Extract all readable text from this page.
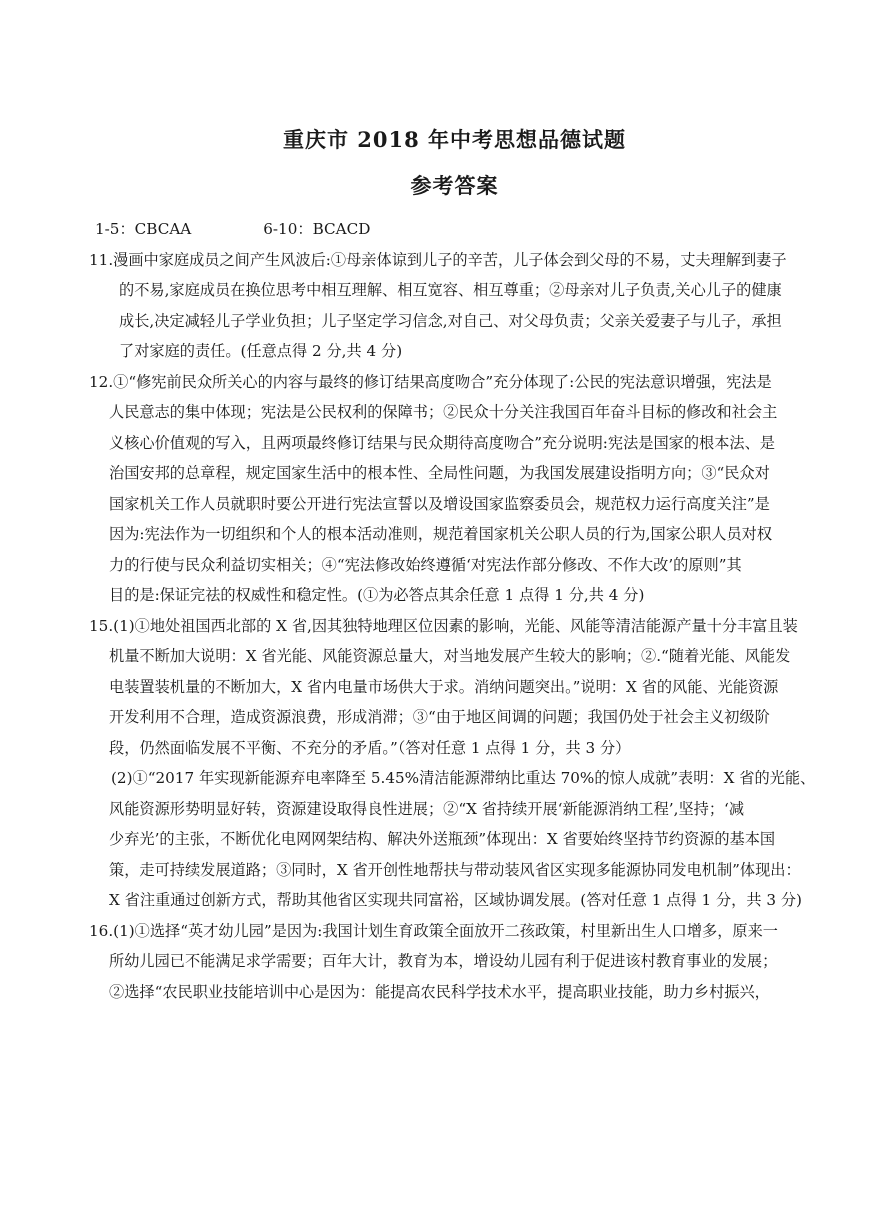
重庆市 2018 年中考思想品德试题
参考答案

1-5：CBCAA	6-10：BCACD

11.漫画中家庭成员之间产生风波后:①母亲体谅到儿子的辛苦，儿子体会到父母的不易，丈夫理解到妻子
的不易,家庭成员在换位思考中相互理解、相互宽容、相互尊重；②母亲对儿子负责,关心儿子的健康
成长,决定减轻儿子学业负担；儿子坚定学习信念,对自己、对父母负责；父亲关爱妻子与儿子，承担
了对家庭的责任。(任意点得 2 分,共 4 分)
12.①“修宪前民众所关心的内容与最终的修订结果高度吻合”充分体现了:公民的宪法意识增强，宪法是
人民意志的集中体现；宪法是公民权利的保障书；②民众十分关注我国百年奋斗目标的修改和社会主
义核心价值观的写入，且两项最终修订结果与民众期待高度吻合”充分说明:宪法是国家的根本法、是
治国安邦的总章程，规定国家生活中的根本性、全局性问题，为我国发展建设指明方向；③“民众对
国家机关工作人员就职时要公开进行宪法宣誓以及增设国家监察委员会，规范权力运行高度关注”是
因为:宪法作为一切组织和个人的根本活动准则，规范着国家机关公职人员的行为,国家公职人员对权
力的行使与民众利益切实相关；④“宪法修改始终遵循‘对宪法作部分修改、不作大改’的原则”其
目的是:保证完祛的权威性和稳定性。(①为必答点其余任意 1 点得 1 分,共 4 分)
15.(1)①地处祖国西北部的 X 省,因其独特地理区位因素的影响，光能、风能等清洁能源产量十分丰富且装
机量不断加大说明：X 省光能、风能资源总量大，对当地发展产生较大的影响；②.“随着光能、风能发
电装置装机量的不断加大，X 省内电量市场供大于求。消纳问题突出。”说明：X 省的风能、光能资源
开发利用不合理，造成资源浪费，形成消滞；③“由于地区间调的问题；我国仍处于社会主义初级阶
段，仍然面临发展不平衡、不充分的矛盾。”（答对任意 1 点得 1 分，共 3 分）
(2)①“2017 年实现新能源弃电率降至 5.45%清洁能源滞纳比重达 70%的惊人成就”表明：X 省的光能、
风能资源形势明显好转，资源建设取得良性进展；②“X 省持续开展‘新能源消纳工程’,坚持；‘减
少弃光’的主张，不断优化电网网架结构、解决外送瓶颈”体现出：X 省要始终坚持节约资源的基本国
策，走可持续发展道路；③同时，X 省开创性地帮扶与带动装风省区实现多能源协同发电机制”体现出：
X 省注重通过创新方式，帮助其他省区实现共同富裕，区域协调发展。(答对任意 1 点得 1 分，共 3 分)
16.(1)①选择“英才幼儿园”是因为:我国计划生育政策全面放开二孩政策，村里新出生人口增多，原来一
所幼儿园已不能满足求学需要；百年大计，教育为本，增设幼儿园有利于促进该村教育事业的发展；
②选择“农民职业技能培训中心是因为：能提高农民科学技术水平，提高职业技能，助力乡村振兴，
